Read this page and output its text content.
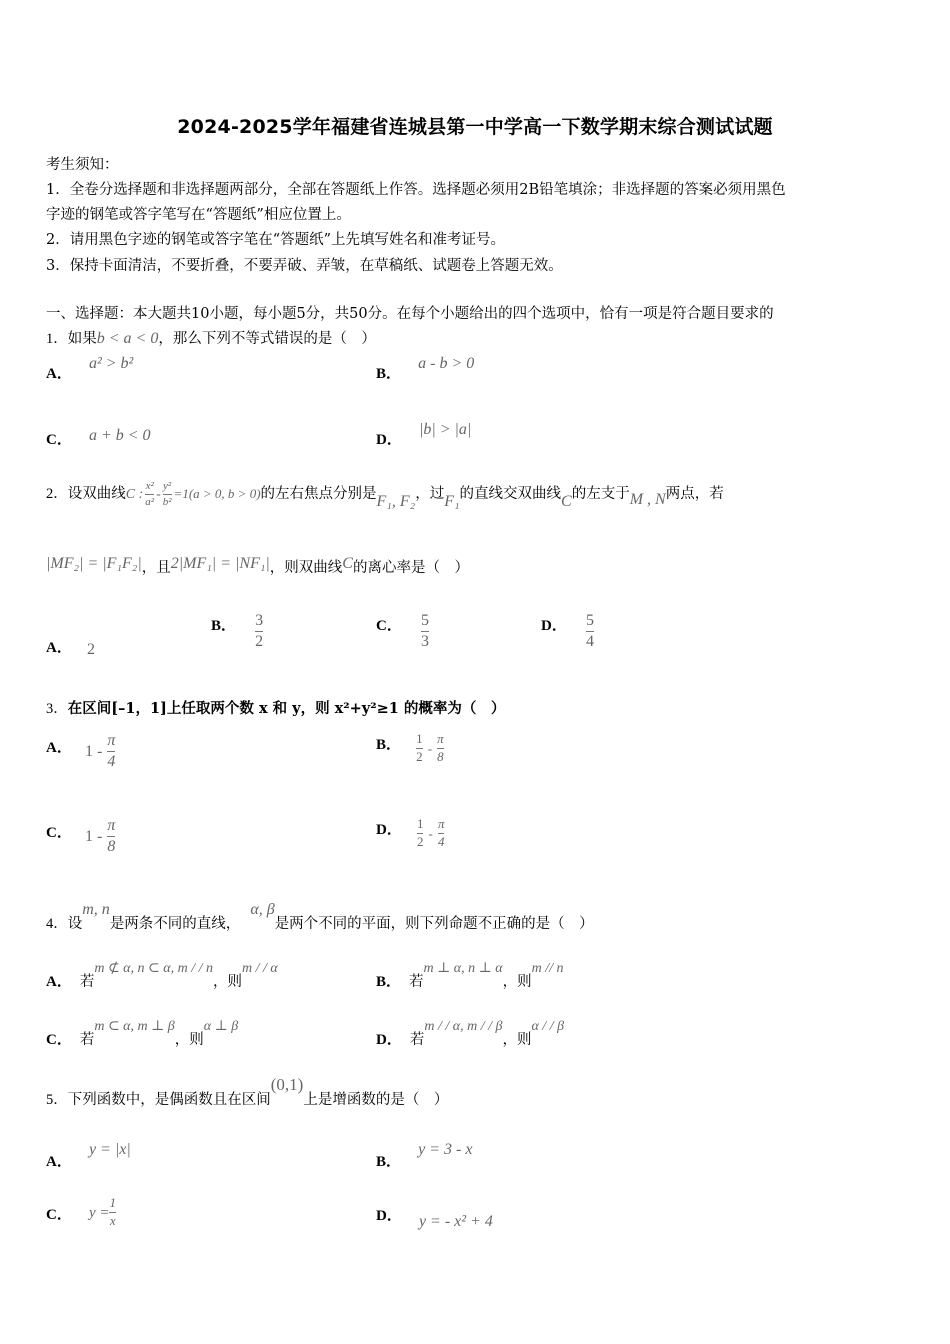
2024-2025学年福建省连城县第一中学高一下数学期末综合测试试题
考生须知：
1．全卷分选择题和非选择题两部分，全部在答题纸上作答。选择题必须用2B铅笔填涂；非选择题的答案必须用黑色
字迹的钢笔或答字笔写在“答题纸”相应位置上。
2．请用黑色字迹的钢笔或答字笔在“答题纸”上先填写姓名和准考证号。
3．保持卡面清洁，不要折叠，不要弄破、弄皱，在草稿纸、试题卷上答题无效。
一、选择题：本大题共10小题，每小题5分，共50分。在每个小题给出的四个选项中，恰有一项是符合题目要求的
1．如果b < a < 0，那么下列不等式错误的是（　）
A． a² > b²
B． a - b > 0
C． a + b < 0	D． |b| > |a|
2．设双曲线C : $\frac{\text{x²}}{\text{a²}} - \frac{\text{y²}}{\text{b²}} =1(a > 0$, b > 0)的左右焦点分别是F₁, F₂，过F₁的直线交双曲线C的左支于M , N两点，若
|MF₂| = |F₁F₂|，且2|MF₁| = |NF₁|，则双曲线C的离心率是（　）
A． 2
B． $\frac{3}{2}$	C． $\frac{5}{3}$	D． $\frac{5}{4}$
3．在区间[–1，1]上任取两个数 x 和 y，则 x²+y²≥1 的概率为（　）
A． $1 - \frac{\pi}{4}$	B． $\frac{1}{2} - \frac{\pi}{8}$
C． $1 - \frac{\pi}{8}$	D． $\frac{1}{2} - \frac{\pi}{4}$
4．设m, n是两条不同的直线，α, β是两个不同的平面，则下列命题不正确的是（　）
A． 若m ⊄ α, n ⊂ α, m / / n，则m / / α
B． 若m ⊥ α, n ⊥ α，则m // n
C． 若m ⊂ α, m ⊥ β，则α ⊥ β
D． 若m / / α, m / / β，则α / / β
5．下列函数中，是偶函数且在区间(0,1)上是增函数的是（　）
A． y = |x|
B． y = 3 - x
C． $y = \frac{1}{x}$	D． y = - x² + 4
